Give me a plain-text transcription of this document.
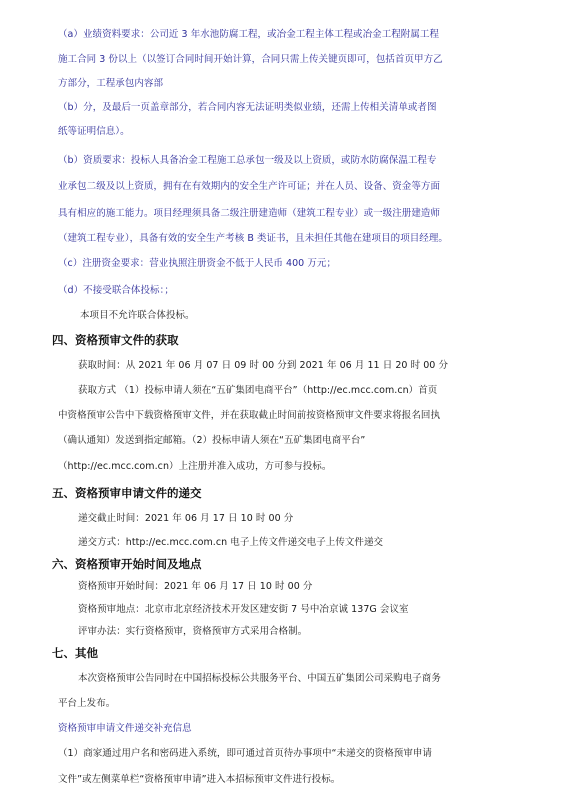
（a）业绩资料要求：公司近 3 年水池防腐工程，或冶金工程主体工程或冶金工程附属工程
施工合同 3 份以上（以签订合同时间开始计算，合同只需上传关键页即可，包括首页甲方乙
方部分，工程承包内容部
（b）分，及最后一页盖章部分，若合同内容无法证明类似业绩，还需上传相关清单或者图
纸等证明信息）。
（b）资质要求：投标人具备冶金工程施工总承包一级及以上资质，或防水防腐保温工程专
业承包二级及以上资质，拥有在有效期内的安全生产许可证；并在人员、设备、资金等方面
具有相应的施工能力。项目经理须具备二级注册建造师（建筑工程专业）或一级注册建造师
（建筑工程专业），具备有效的安全生产考核 B 类证书，且未担任其他在建项目的项目经理。
（c）注册资金要求：营业执照注册资金不低于人民币 400 万元；
（d）不接受联合体投标：；
本项目不允许联合体投标。
四、资格预审文件的获取
获取时间：从 2021 年 06 月 07 日 09 时 00 分到 2021 年 06 月 11 日 20 时 00 分
获取方式 （1）投标申请人须在“五矿集团电商平台”（http://ec.mcc.com.cn）首页
中资格预审公告中下载资格预审文件，并在获取截止时间前按资格预审文件要求将报名回执
（确认通知）发送到指定邮箱。（2）投标申请人须在“五矿集团电商平台”
（http://ec.mcc.com.cn）上注册并准入成功，方可参与投标。
五、资格预审申请文件的递交
递交截止时间：2021 年 06 月 17 日 10 时 00 分
递交方式：http://ec.mcc.com.cn 电子上传文件递交电子上传文件递交
六、资格预审开始时间及地点
资格预审开始时间：2021 年 06 月 17 日 10 时 00 分
资格预审地点：北京市北京经济技术开发区建安街 7 号中冶京诚 137G 会议室
评审办法：实行资格预审，资格预审方式采用合格制。
七、其他
本次资格预审公告同时在中国招标投标公共服务平台、中国五矿集团公司采购电子商务
平台上发布。
资格预审申请文件递交补充信息
（1）商家通过用户名和密码进入系统，即可通过首页待办事项中“未递交的资格预审申请
文件”或左侧菜单栏“资格预审申请”进入本招标预审文件进行投标。
